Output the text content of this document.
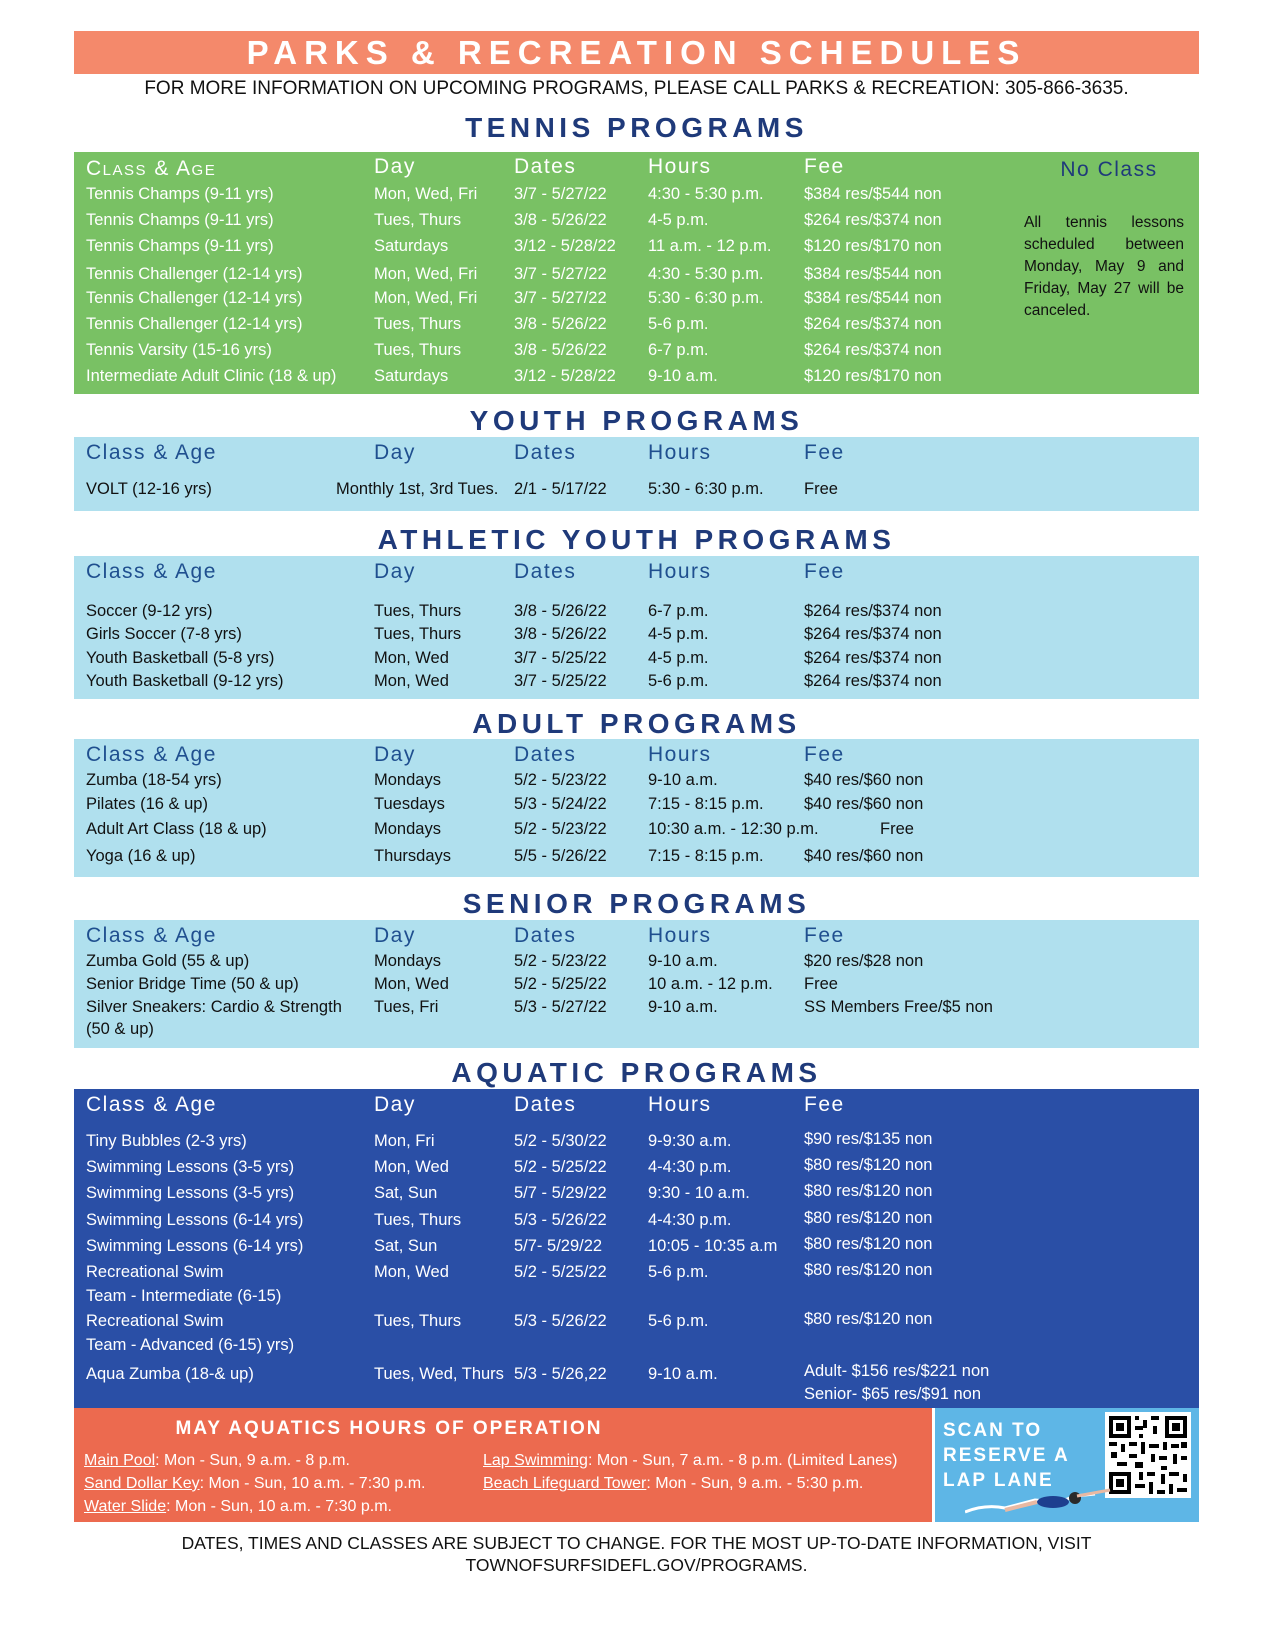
PARKS & RECREATION SCHEDULES
FOR MORE INFORMATION ON UPCOMING PROGRAMS, PLEASE CALL PARKS & RECREATION: 305-866-3635.
TENNIS PROGRAMS
Class & Age	Day	Dates	Hours	Fee
Tennis Champs (9-11 yrs)	Mon, Wed, Fri 3/7 - 5/27/22	4:30 - 5:30 p.m. $384 res/$544 non
Tennis Champs (9-11 yrs)	Tues, Thurs	3/8 - 5/26/22	4-5 p.m.	$264 res/$374 non
Tennis Champs (9-11 yrs)	Saturdays	3/12 - 5/28/22 11 a.m. - 12 p.m. $120 res/$170 non
Tennis Challenger (12-14 yrs)	Mon, Wed, Fri 3/7 - 5/27/22	4:30 - 5:30 p.m. $384 res/$544 non
Tennis Challenger (12-14 yrs)	Mon, Wed, Fri 3/7 - 5/27/22	5:30 - 6:30 p.m. $384 res/$544 non
Tennis Challenger (12-14 yrs)	Tues, Thurs	3/8 - 5/26/22	5-6 p.m.	$264 res/$374 non
Tennis Varsity (15-16 yrs)	Tues, Thurs	3/8 - 5/26/22	6-7 p.m.	$264 res/$374 non
Intermediate Adult Clinic (18 & up) Saturdays	3/12 - 5/28/22 9-10 a.m.	$120 res/$170 non
No Class
All tennis lessons scheduled between Monday, May 9 and Friday, May 27 will be canceled.
YOUTH PROGRAMS
Class & Age	Day	Dates	Hours	Fee
VOLT (12-16 yrs)	Monthly 1st, 3rd Tues. 2/1 - 5/17/22	5:30 - 6:30 p.m. Free
ATHLETIC YOUTH PROGRAMS
Class & Age	Day	Dates	Hours	Fee
Soccer (9-12 yrs)	Tues, Thurs	3/8 - 5/26/22	6-7 p.m.	$264 res/$374 non
Girls Soccer (7-8 yrs)	Tues, Thurs	3/8 - 5/26/22	4-5 p.m.	$264 res/$374 non
Youth Basketball (5-8 yrs)	Mon, Wed	3/7 - 5/25/22	4-5 p.m.	$264 res/$374 non
Youth Basketball (9-12 yrs)	Mon, Wed	3/7 - 5/25/22	5-6 p.m.	$264 res/$374 non
ADULT PROGRAMS
Class & Age	Day	Dates	Hours	Fee
Zumba (18-54 yrs)	Mondays	5/2 - 5/23/22	9-10 a.m.	$40 res/$60 non
Pilates (16 & up)	Tuesdays	5/3 - 5/24/22	7:15 - 8:15 p.m. $40 res/$60 non
Adult Art Class (18 & up)	Mondays	5/2 - 5/23/22	10:30 a.m. - 12:30 p.m.	Free
Yoga (16 & up)	Thursdays	5/5 - 5/26/22	7:15 - 8:15 p.m. $40 res/$60 non
SENIOR PROGRAMS
Class & Age	Day	Dates	Hours	Fee
Zumba Gold (55 & up)	Mondays	5/2 - 5/23/22	9-10 a.m.	$20 res/$28 non
Senior Bridge Time (50 & up)	Mon, Wed	5/2 - 5/25/22	10 a.m. - 12 p.m. Free
Silver Sneakers: Cardio & Strength Tues, Fri	5/3 - 5/27/22	9-10 a.m.	SS Members Free/$5 non
(50 & up)
AQUATIC PROGRAMS
Class & Age	Day	Dates	Hours	Fee
Tiny Bubbles (2-3 yrs)	Mon, Fri	5/2 - 5/30/22	9-9:30 a.m.	$90 res/$135 non
Swimming Lessons (3-5 yrs)	Mon, Wed	5/2 - 5/25/22	4-4:30 p.m.	$80 res/$120 non
Swimming Lessons (3-5 yrs)	Sat, Sun	5/7 - 5/29/22	9:30 - 10 a.m.	$80 res/$120 non
Swimming Lessons (6-14 yrs)	Tues, Thurs	5/3 - 5/26/22	4-4:30 p.m.	$80 res/$120 non
Swimming Lessons (6-14 yrs)	Sat, Sun	5/7- 5/29/22	10:05 - 10:35 a.m $80 res/$120 non
Recreational Swim
Team - Intermediate (6-15)
Mon, Wed	5/2 - 5/25/22	5-6 p.m.	$80 res/$120 non
Recreational Swim
Team - Advanced (6-15) yrs)
Tues, Thurs	5/3 - 5/26/22	5-6 p.m.	$80 res/$120 non
Aqua Zumba (18-& up)	Tues, Wed, Thurs 5/3 - 5/26,22	9-10 a.m.	Adult- $156 res/$221 non
Senior- $65 res/$91 non
MAY AQUATICS HOURS OF OPERATION
Main Pool: Mon - Sun, 9 a.m. - 8 p.m.
Sand Dollar Key: Mon - Sun, 10 a.m. - 7:30 p.m.
Water Slide: Mon - Sun, 10 a.m. - 7:30 p.m.
Lap Swimming: Mon - Sun, 7 a.m. - 8 p.m. (Limited Lanes)
Beach Lifeguard Tower: Mon - Sun, 9 a.m. - 5:30 p.m.
SCAN TO
RESERVE A
LAP LANE
DATES, TIMES AND CLASSES ARE SUBJECT TO CHANGE. FOR THE MOST UP-TO-DATE INFORMATION, VISIT
TOWNOFSURFSIDEFL.GOV/PROGRAMS.
